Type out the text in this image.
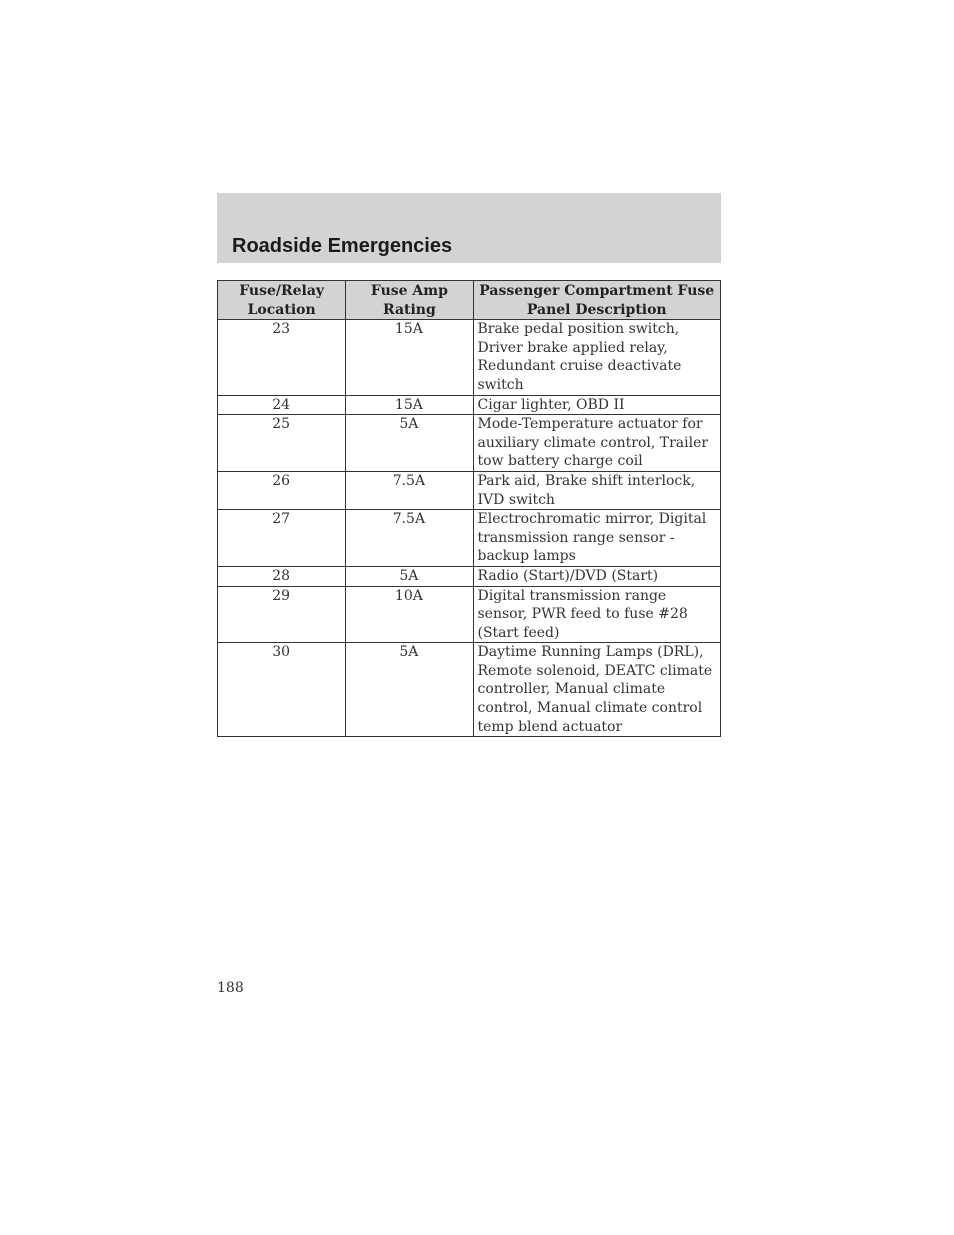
Roadside Emergencies
Fuse/Relay Location	Fuse Amp Rating	Passenger Compartment Fuse Panel Description
23	15A	Brake pedal position switch, Driver brake applied relay, Redundant cruise deactivate switch
24	15A	Cigar lighter, OBD II
25	5A	Mode-Temperature actuator for auxiliary climate control, Trailer tow battery charge coil
26	7.5A	Park aid, Brake shift interlock, IVD switch
27	7.5A	Electrochromatic mirror, Digital transmission range sensor - backup lamps
28	5A	Radio (Start)/DVD (Start)
29	10A	Digital transmission range sensor, PWR feed to fuse #28 (Start feed)
30	5A	Daytime Running Lamps (DRL), Remote solenoid, DEATC climate controller, Manual climate control, Manual climate control temp blend actuator
188
